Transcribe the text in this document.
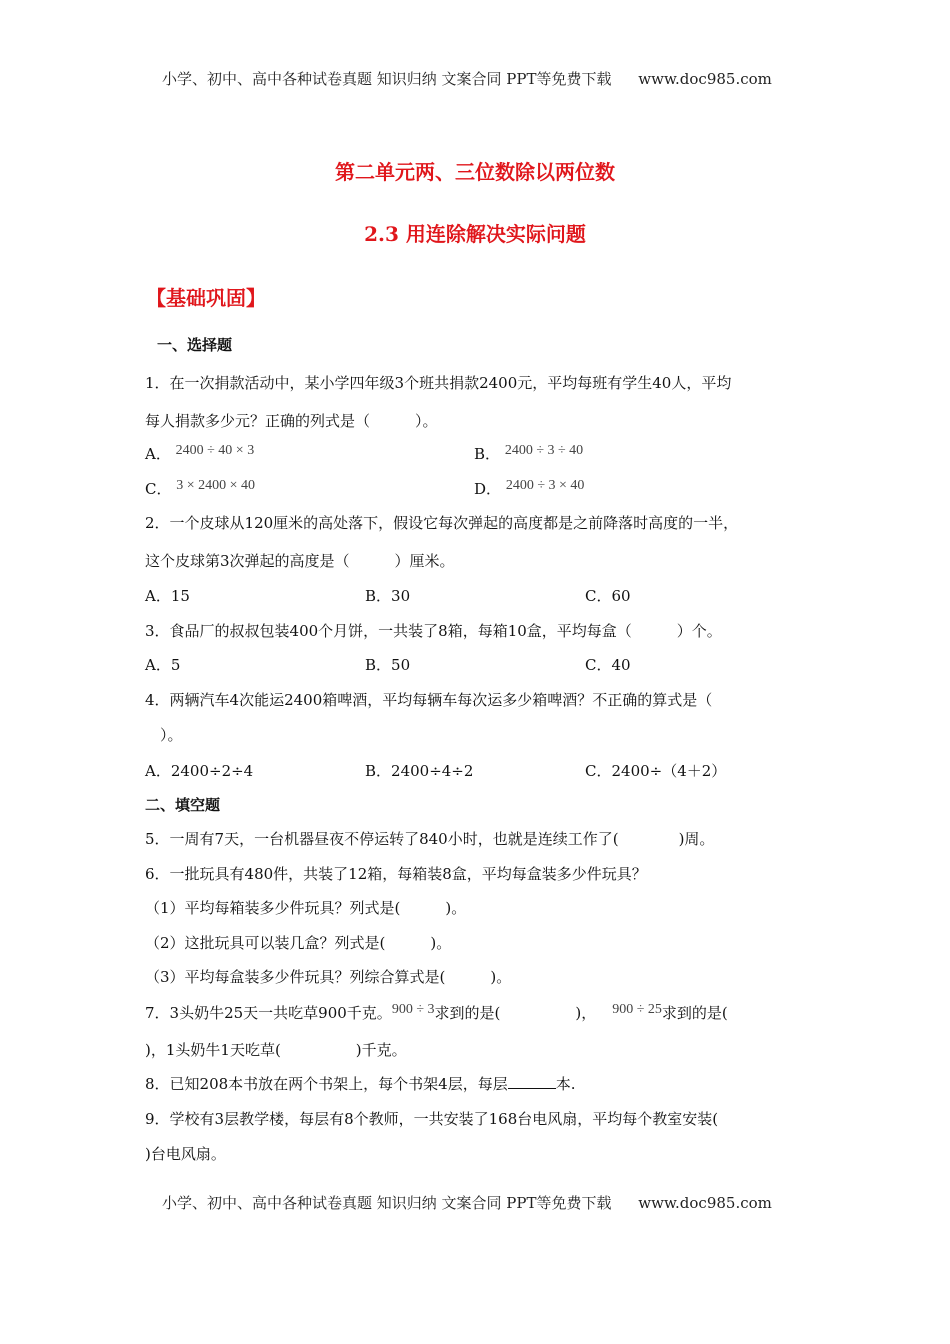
小学、初中、高中各种试卷真题 知识归纳 文案合同 PPT等免费下载 www.doc985.com
第二单元两、三位数除以两位数
2.3 用连除解决实际问题
【基础巩固】
一、选择题
1．在一次捐款活动中，某小学四年级3个班共捐款2400元，平均每班有学生40人，平均
每人捐款多少元？正确的列式是（　　　）。
A． 2400 ÷ 40 × 3	B． 2400 ÷ 3 ÷ 40
C． 3 × 2400 × 40	D． 2400 ÷ 3 × 40
2．一个皮球从120厘米的高处落下，假设它每次弹起的高度都是之前降落时高度的一半，
这个皮球第3次弹起的高度是（　　　）厘米。
A．15	B．30	C．60
3．食品厂的叔叔包装400个月饼，一共装了8箱，每箱10盒，平均每盒（　　　）个。
A．5	B．50	C．40
4．两辆汽车4次能运2400箱啤酒，平均每辆车每次运多少箱啤酒？不正确的算式是（
）。
A．2400÷2÷4	B．2400÷4÷2	C．2400÷（4＋2）
二、填空题
5．一周有7天，一台机器昼夜不停运转了840小时，也就是连续工作了(　　　　)周。
6．一批玩具有480件，共装了12箱，每箱装8盒，平均每盒装多少件玩具？
（1）平均每箱装多少件玩具？列式是(　　　)。
（2）这批玩具可以装几盒？列式是(　　　)。
（3）平均每盒装多少件玩具？列综合算式是(　　　)。
7．3头奶牛25天一共吃草900千克。900 ÷ 3求到的是(　　　　　)， 900 ÷ 25求到的是(
)，1头奶牛1天吃草(　　　　　)千克。
8．已知208本书放在两个书架上，每个书架4层，每层	本.
9．学校有3层教学楼，每层有8个教师，一共安装了168台电风扇，平均每个教室安装(
)台电风扇。
小学、初中、高中各种试卷真题 知识归纳 文案合同 PPT等免费下载 www.doc985.com
